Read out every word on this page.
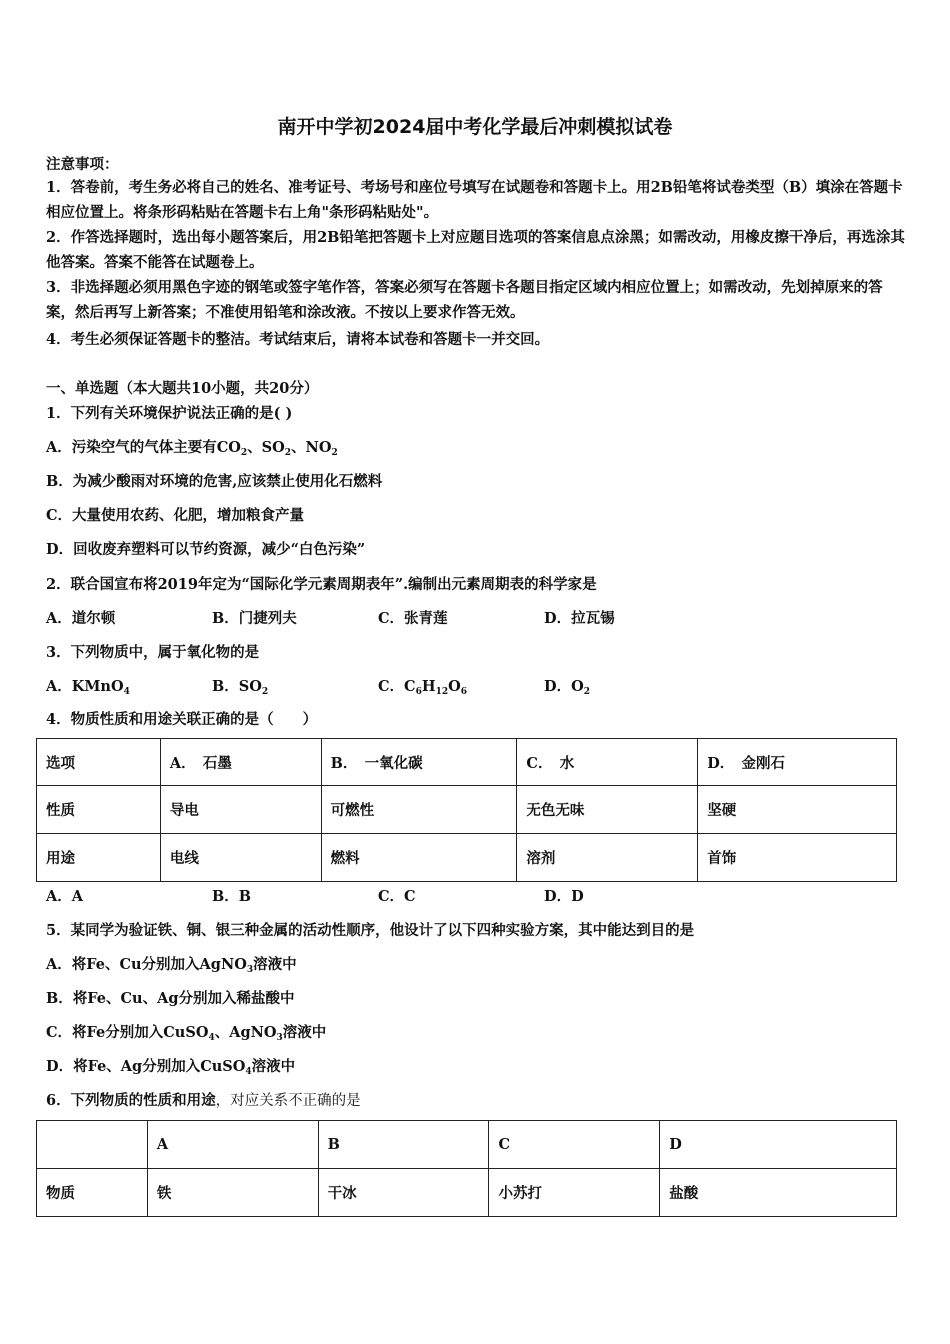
南开中学初2024届中考化学最后冲刺模拟试卷
注意事项：
1．答卷前，考生务必将自己的姓名、准考证号、考场号和座位号填写在试题卷和答题卡上。用2B铅笔将试卷类型（B）填涂在答题卡相应位置上。将条形码粘贴在答题卡右上角"条形码粘贴处"。
2．作答选择题时，选出每小题答案后，用2B铅笔把答题卡上对应题目选项的答案信息点涂黑；如需改动，用橡皮擦干净后，再选涂其他答案。答案不能答在试题卷上。
3．非选择题必须用黑色字迹的钢笔或签字笔作答，答案必须写在答题卡各题目指定区域内相应位置上；如需改动，先划掉原来的答案，然后再写上新答案；不准使用铅笔和涂改液。不按以上要求作答无效。
4．考生必须保证答题卡的整洁。考试结束后，请将本试卷和答题卡一并交回。
一、单选题（本大题共10小题，共20分）
1．下列有关环境保护说法正确的是( )
A．污染空气的气体主要有$CO_2$、$SO_2$、$NO_2$
B．为减少酸雨对环境的危害,应该禁止使用化石燃料
C．大量使用农药、化肥，增加粮食产量
D．回收废弃塑料可以节约资源，减少“白色污染”
2．联合国宣布将2019年定为“国际化学元素周期表年”.编制出元素周期表的科学家是
A．道尔顿	B．门捷列夫	C．张青莲	D．拉瓦锡
3．下列物质中，属于氧化物的是
A．KMnO$_4$	B．$SO_2$	C．$C_6H_{12}O_6$	D．$O_2$
4．物质性质和用途关联正确的是（　　）
选项	A．　石墨	B．　一氧化碳	C．　水	D．　金刚石
性质	导电	可燃性	无色无味	坚硬
用途	电线	燃料	溶剂	首饰
A．A	B．B	C．C	D．D
5．某同学为验证铁、铜、银三种金属的活动性顺序，他设计了以下四种实验方案，其中能达到目的是
A．将Fe、Cu分别加入AgNO$_3$溶液中
B．将Fe、Cu、Ag分别加入稀盐酸中
C．将Fe分别加入CuSO$_4$、AgNO$_3$溶液中
D．将Fe、Ag分别加入CuSO$_4$溶液中
6．下列物质的性质和用途，对应关系不正确的是
	A	B	C	D
物质	铁	干冰	小苏打	盐酸
